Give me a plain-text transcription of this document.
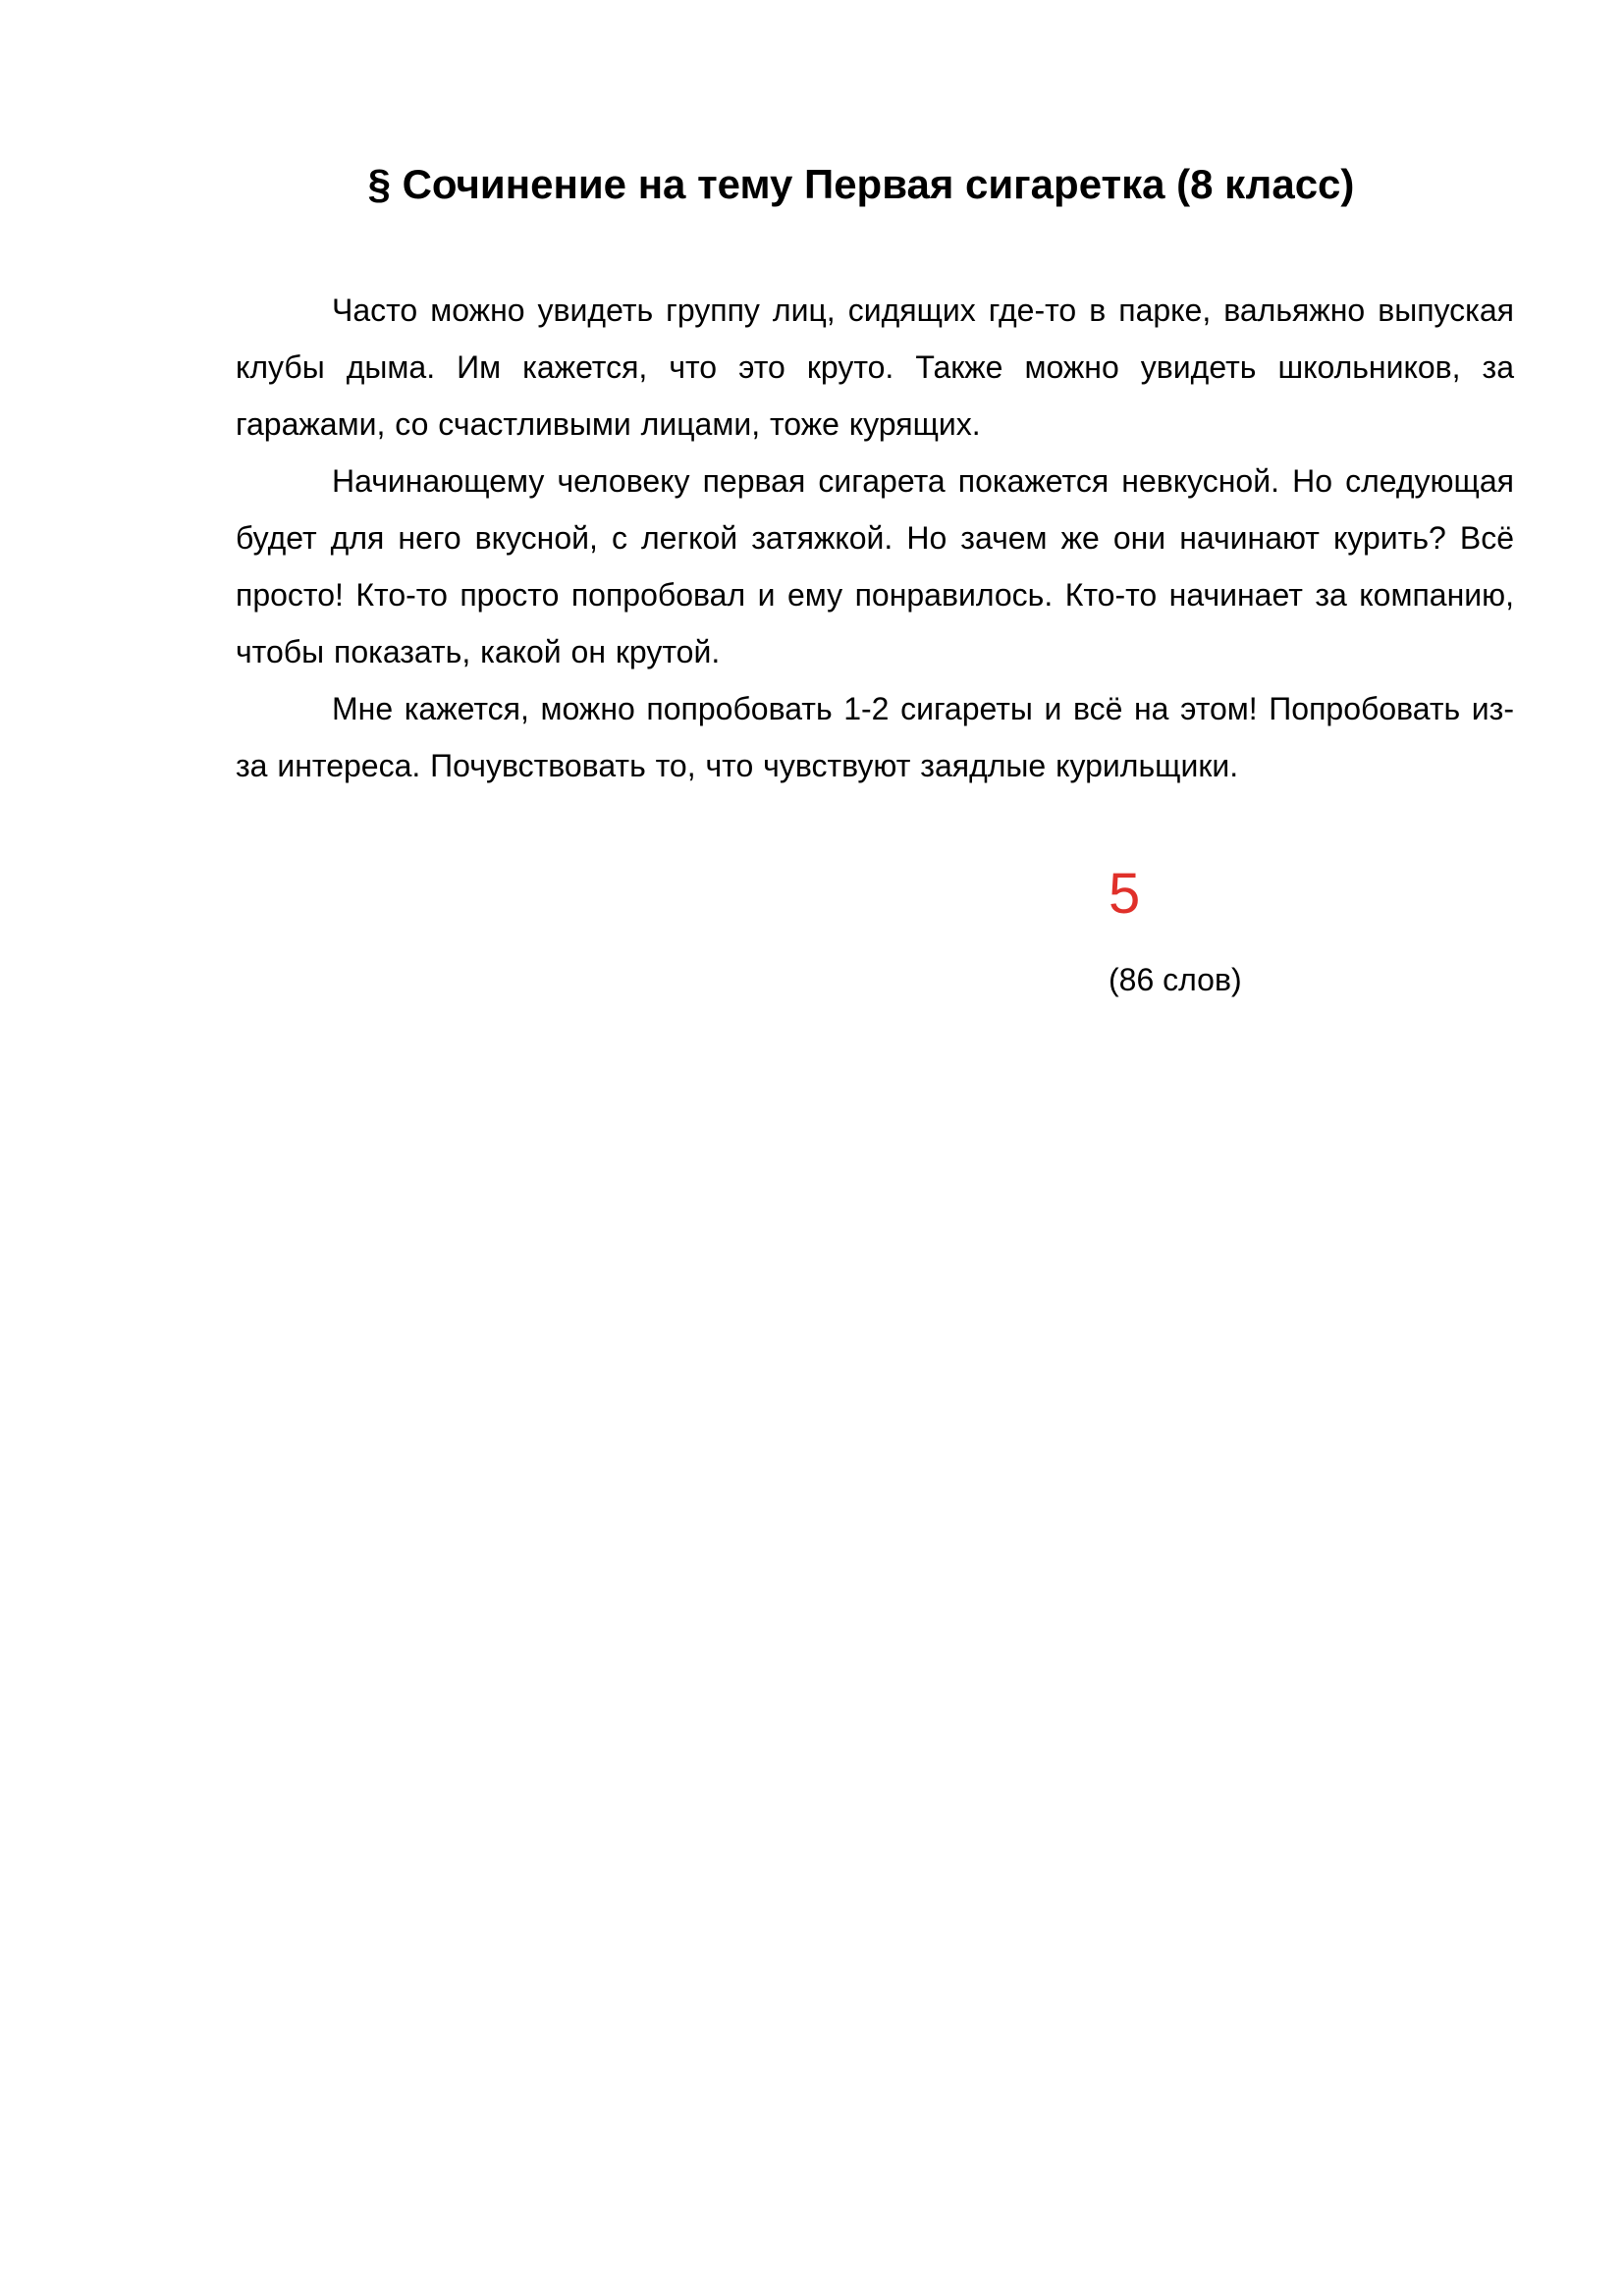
§ Сочинение на тему Первая сигаретка (8 класс)

Часто можно увидеть группу лиц, сидящих где-то в парке, вальяжно выпуская клубы дыма. Им кажется, что это круто. Также можно увидеть школьников, за гаражами, со счастливыми лицами, тоже курящих.

Начинающему человеку первая сигарета покажется невкусной. Но следующая будет для него вкусной, с легкой затяжкой. Но зачем же они начинают курить? Всё просто! Кто-то просто попробовал и ему понравилось. Кто-то начинает за компанию, чтобы показать, какой он крутой.

Мне кажется, можно попробовать 1-2 сигареты и всё на этом! Попробовать из-за интереса. Почувствовать то, что чувствуют заядлые курильщики.

5

(86 слов)
